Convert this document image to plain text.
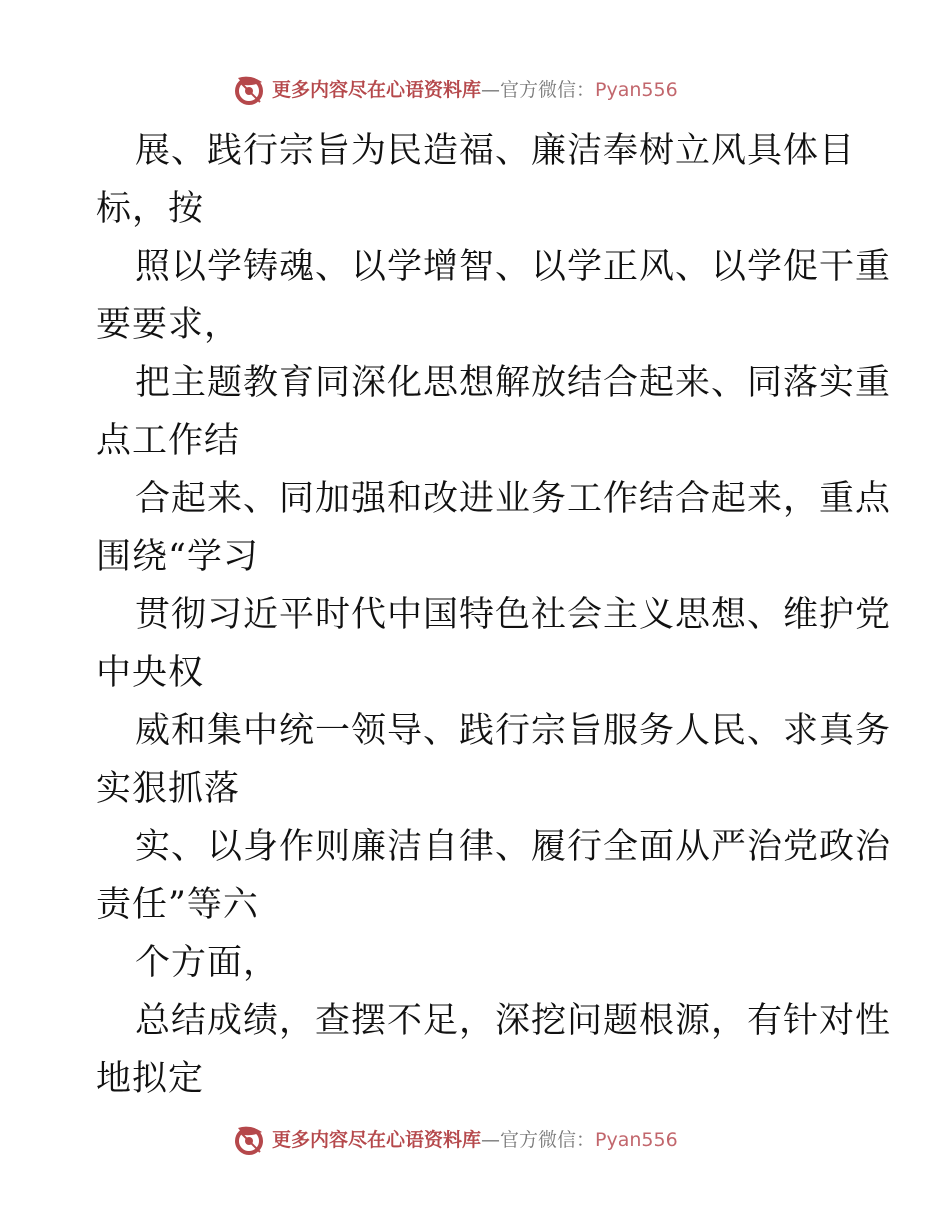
更多内容尽在心语资料库 —官方微信： Pyan556
展、践行宗旨为民造福、廉洁奉树立风具体目
标，按
照以学铸魂、以学增智、以学正风、以学促干重
要要求，
把主题教育同深化思想解放结合起来、同落实重
点工作结
合起来、同加强和改进业务工作结合起来，重点
围绕“学习
贯彻习近平时代中国特色社会主义思想、维护党
中央权
威和集中统一领导、践行宗旨服务人民、求真务
实狠抓落
实、以身作则廉洁自律、履行全面从严治党政治
责任”等六
个方面，
总结成绩，查摆不足，深挖问题根源，有针对性
地拟定
更多内容尽在心语资料库 —官方微信： Pyan556
